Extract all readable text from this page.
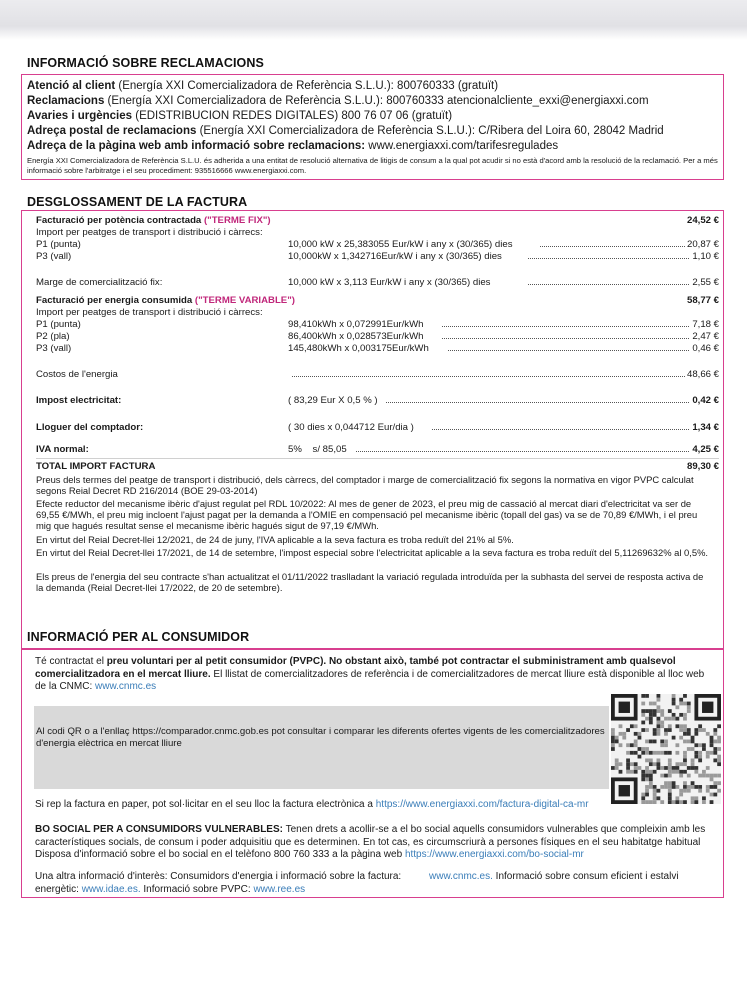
INFORMACIÓ SOBRE RECLAMACIONS

Atenció al client (Energía XXI Comercializadora de Referència S.L.U.): 800760333 (gratuït)

Reclamacions (Energía XXI Comercializadora de Referència S.L.U.): 800760333 atencionalcliente_exxi@energiaxxi.com

Avaries i urgències (EDISTRIBUCION REDES DIGITALES) 800 76 07 06 (gratuït)

Adreça postal de reclamacions (Energía XXI Comercializadora de Referència S.L.U.): C/Ribera del Loira 60, 28042 Madrid

Adreça de la pàgina web amb informació sobre reclamacions: www.energiaxxi.com/tarifesregulades

Energía XXI Comercializadora de Referència S.L.U. és adherida a una entitat de resolució alternativa de litigis de consum a la qual pot acudir si no està d'acord amb la resolució de la reclamació. Per a més informació sobre l'arbitratge i el seu procediment: 935516666 www.energiaxxi.com.

DESGLOSSAMENT DE LA FACTURA
Facturació per potència contractada ("TERME FIX")	24,52 €
Import per peatges de transport i distribució i càrrecs:
P1 (punta)	10,000 kW x 25,383055 Eur/kW i any x (30/365) dies	20,87 €
P3 (vall)	10,000kW x 1,342716Eur/kW i any x (30/365) dies	1,10 €
Marge de comercialització fix:	10,000 kW x 3,113 Eur/kW i any x (30/365) dies	2,55 €
Facturació per energia consumida ("TERME VARIABLE")	58,77 €
Import per peatges de transport i distribució i càrrecs:
P1 (punta)	98,410kWh x 0,072991Eur/kWh	7,18 €
P2 (pla)	86,400kWh x 0,028573Eur/kWh	2,47 €
P3 (vall)	145,480kWh x 0,003175Eur/kWh	0,46 €
Costos de l'energia	48,66 €
Impost electricitat:	( 83,29 Eur X 0,5 % )	0,42 €
Lloguer del comptador:	( 30 dies x 0,044712 Eur/dia )	1,34 €
IVA normal:	5%    s/ 85,05	4,25 €
TOTAL IMPORT FACTURA	89,30 €
Preus dels termes del peatge de transport i distribució, dels càrrecs, del comptador i marge de comercialització fix segons la normativa en vigor PVPC calculat segons Reial Decret RD 216/2014 (BOE 29-03-2014)
Efecte reductor del mecanisme ibèric d'ajust regulat pel RDL 10/2022: Al mes de gener de 2023, el preu mig de cassació al mercat diari d'electricitat va ser de 69,55 €/MWh, el preu mig incloent l'ajust pagat per la demanda a l'OMIE en compensació pel mecanisme ibèric (topall del gas) va se de 70,89 €/MWh, i el preu mig que hagués resultat sense el mecanisme ibèric hagués sigut de 97,19 €/MWh.
En virtut del Reial Decret-llei 12/2021, de 24 de juny, l'IVA aplicable a la seva factura es troba reduït del 21% al 5%.
En virtut del Reial Decret-llei 17/2021, de 14 de setembre, l'impost especial sobre l'electricitat aplicable a la seva factura es troba reduït del 5,11269632% al 0,5%.
Els preus de l'energia del seu contracte s'han actualitzat el 01/11/2022 traslladant la variació regulada introduïda per la subhasta del servei de resposta activa de la demanda (Reial Decret-llei 17/2022, de 20 de setembre).
INFORMACIÓ PER AL CONSUMIDOR
Té contractat el preu voluntari per al petit consumidor (PVPC). No obstant això, també pot contractar el subministrament amb qualsevol comercialitzadora en el mercat lliure. El llistat de comercialitzadores de referència i de comercialitzadores de mercat lliure està disponible al lloc web de la CNMC: www.cnmc.es
Al codi QR o a l'enllaç https://comparador.cnmc.gob.es pot consultar i comparar les diferents ofertes vigents de les comercialitzadores d'energia elèctrica en mercat lliure
Si rep la factura en paper, pot sol·licitar en el seu lloc la factura electrònica a https://www.energiaxxi.com/factura-digital-ca-mr
BO SOCIAL PER A CONSUMIDORS VULNERABLES: Tenen drets a acollir-se a el bo social aquells consumidors vulnerables que compleixin amb les característiques socials, de consum i poder adquisitiu que es determinen. En tot cas, es circumscriurà a persones físiques en el seu habitatge habitual Disposa d'informació sobre el bo social en el telèfono 800 760 333 a la pàgina web https://www.energiaxxi.com/bo-social-mr
Una altra informació d'interès: Consumidors d'energia i informació sobre la factura:          www.cnmc.es. Informació sobre consum eficient i estalvi energètic: www.idae.es. Informació sobre PVPC: www.ree.es
